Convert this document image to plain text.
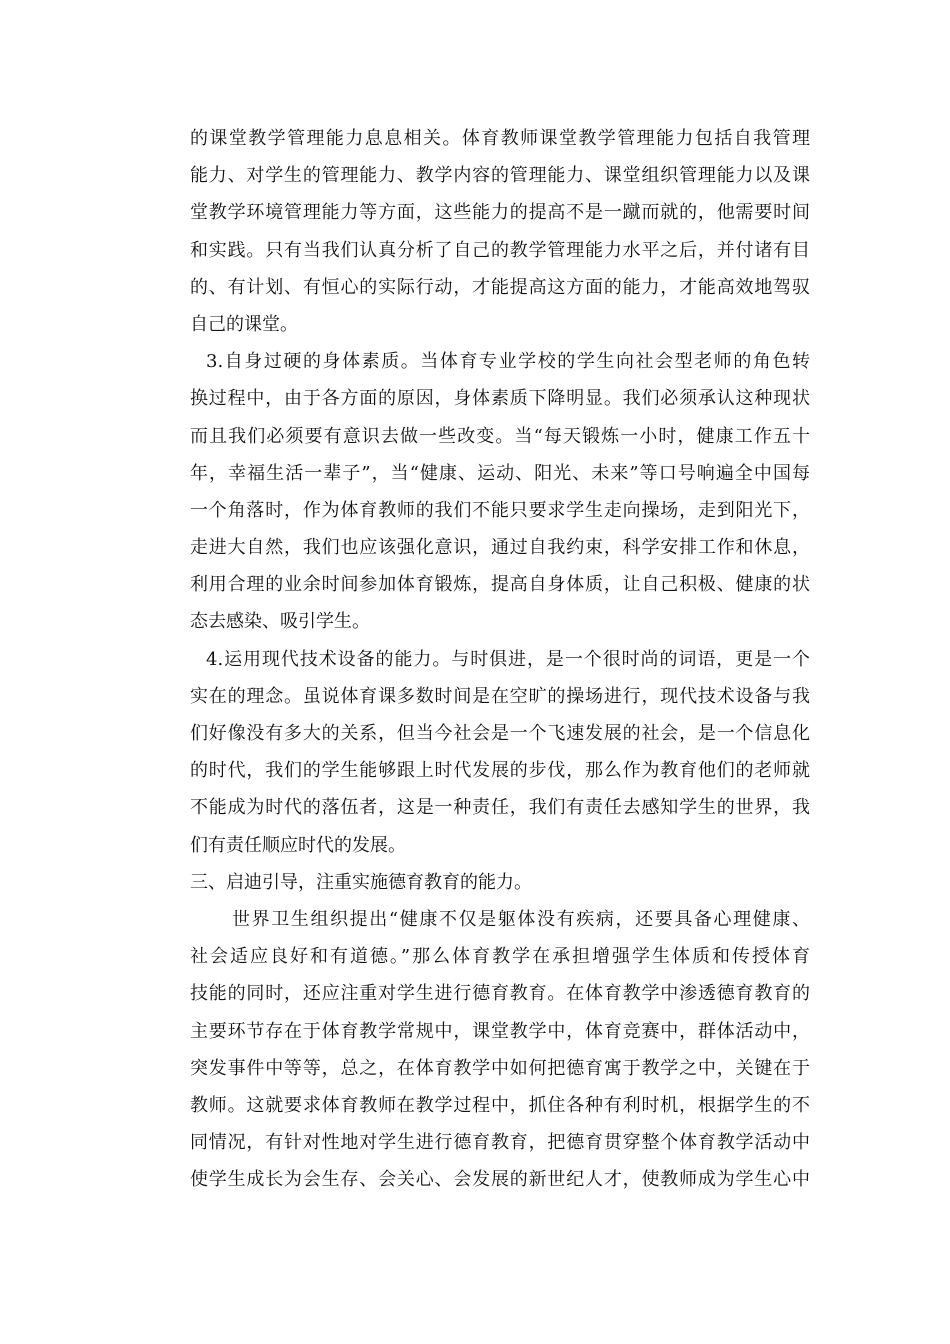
的课堂教学管理能力息息相关。体育教师课堂教学管理能力包括自我管理
能力、对学生的管理能力、教学内容的管理能力、课堂组织管理能力以及课
堂教学环境管理能力等方面，这些能力的提高不是一蹴而就的，他需要时间
和实践。只有当我们认真分析了自己的教学管理能力水平之后，并付诸有目
的、有计划、有恒心的实际行动，才能提高这方面的能力，才能高效地驾驭
自己的课堂。
3.自身过硬的身体素质。当体育专业学校的学生向社会型老师的角色转
换过程中，由于各方面的原因，身体素质下降明显。我们必须承认这种现状
而且我们必须要有意识去做一些改变。当“每天锻炼一小时，健康工作五十
年，幸福生活一辈子”，当“健康、运动、阳光、未来”等口号响遍全中国每
一个角落时，作为体育教师的我们不能只要求学生走向操场，走到阳光下，
走进大自然，我们也应该强化意识，通过自我约束，科学安排工作和休息，
利用合理的业余时间参加体育锻炼，提高自身体质，让自己积极、健康的状
态去感染、吸引学生。
4.运用现代技术设备的能力。与时俱进，是一个很时尚的词语，更是一个
实在的理念。虽说体育课多数时间是在空旷的操场进行，现代技术设备与我
们好像没有多大的关系，但当今社会是一个飞速发展的社会，是一个信息化
的时代，我们的学生能够跟上时代发展的步伐，那么作为教育他们的老师就
不能成为时代的落伍者，这是一种责任，我们有责任去感知学生的世界，我
们有责任顺应时代的发展。
三、启迪引导，注重实施德育教育的能力。
世界卫生组织提出“健康不仅是躯体没有疾病，还要具备心理健康、
社会适应良好和有道德。”那么体育教学在承担增强学生体质和传授体育
技能的同时，还应注重对学生进行德育教育。在体育教学中渗透德育教育的
主要环节存在于体育教学常规中，课堂教学中，体育竞赛中，群体活动中，
突发事件中等等，总之，在体育教学中如何把德育寓于教学之中，关键在于
教师。这就要求体育教师在教学过程中，抓住各种有利时机，根据学生的不
同情况，有针对性地对学生进行德育教育，把德育贯穿整个体育教学活动中
使学生成长为会生存、会关心、会发展的新世纪人才，使教师成为学生心中
